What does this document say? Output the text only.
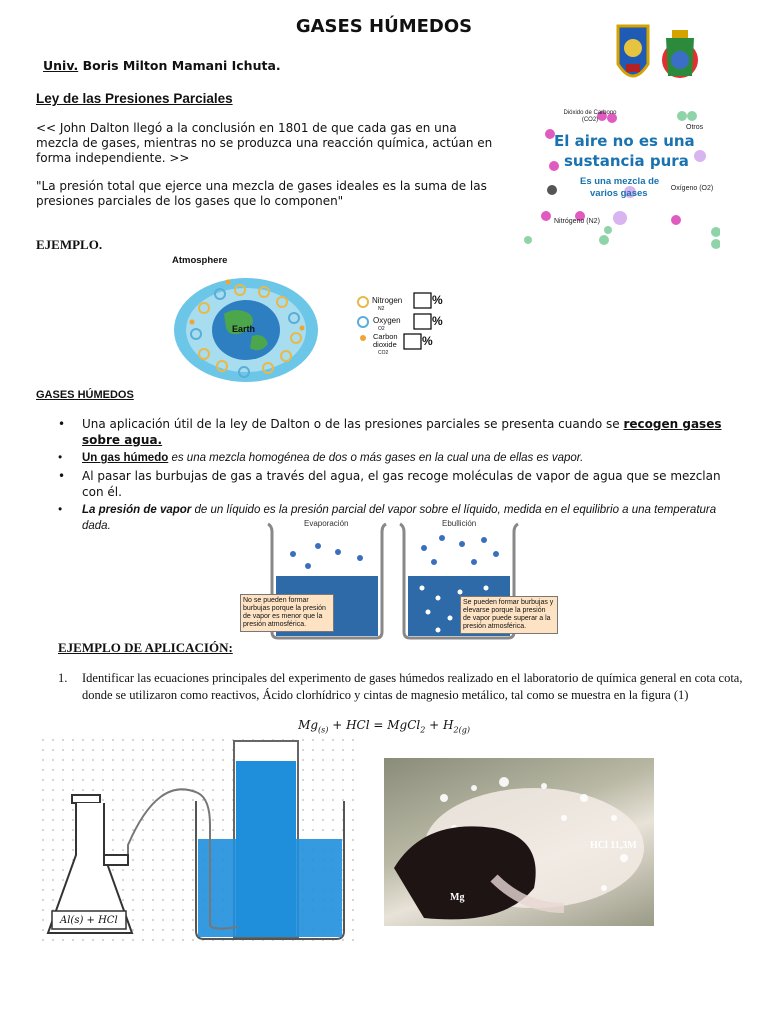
GASES HÚMEDOS
Univ. Boris Milton Mamani Ichuta.
Ley de las Presiones Parciales
<< John Dalton llegó a la conclusión en 1801 de que cada gas en una mezcla de gases, mientras no se produzca una reacción química, actúan en forma independiente. >>
"La presión total que ejerce una mezcla de gases ideales es la suma de las presiones parciales de los gases que lo componen"
Dióxido de Carbono (CO2)
Otros
El aire no es una
sustancia pura
Es una mezcla de
varios gases	Oxígeno (O2)
Nitrógeno (N2)
EJEMPLO.
Atmosphere
Earth
Nitrogen
N2
Oxygen
O2
Carbon dioxide
CO2
%
%
%
GASES HÚMEDOS
• Una aplicación útil de la ley de Dalton o de las presiones parciales se presenta cuando se recogen gases sobre agua.
• Un gas húmedo es una mezcla homogénea de dos o más gases en la cual una de ellas es vapor.
• Al pasar las burbujas de gas a través del agua, el gas recoge moléculas de vapor de agua que se mezclan con él.
• La presión de vapor de un líquido es la presión parcial del vapor sobre el líquido, medida en el equilibrio a una temperatura dada.	Evaporación	Ebullición
No se pueden formar burbujas porque la presión de vapor es menor que la presión atmosférica.
Se pueden formar burbujas y elevarse porque la presión de vapor puede superar a la presión atmosférica.
EJEMPLO DE APLICACIÓN:
1.	Identificar las ecuaciones principales del experimento de gases húmedos realizado en el laboratorio de química general en cota cota, donde se utilizaron como reactivos, Ácido clorhídrico y cintas de magnesio metálico, tal como se muestra en la figura (1)
$Mg_{(s)}$ + HCl = MgCl$_2$ + $H_{2(g)}$
Al(s) + HCl
HCl 11,3M
Mg
